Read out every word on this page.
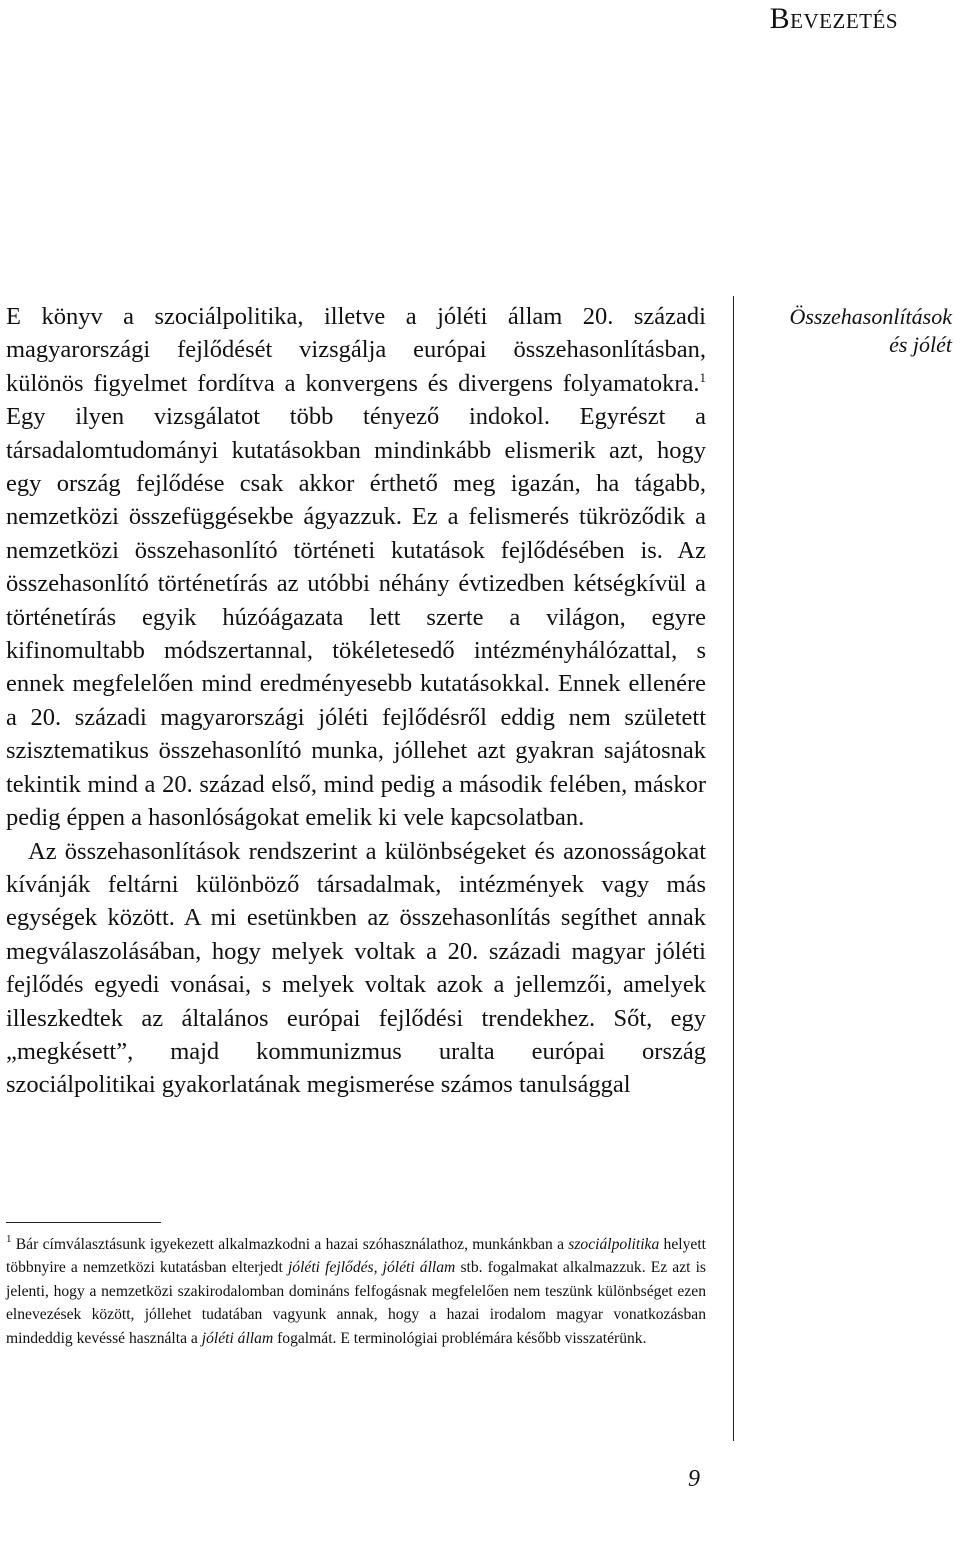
Bevezetés

E könyv a szociálpolitika, illetve a jóléti állam 20. századi magyarországi fejlődését vizsgálja európai összehasonlításban, különös figyelmet fordítva a konvergens és divergens folyamatokra.$^1$ Egy ilyen vizsgálatot több tényező indokol. Egyrészt a társadalomtudományi kutatásokban mindinkább elismerik azt, hogy egy ország fejlődése csak akkor érthető meg igazán, ha tágabb, nemzetközi összefüggésekbe ágyazzuk. Ez a felismerés tükröződik a nemzetközi összehasonlító történeti kutatások fejlődésében is. Az összehasonlító történetírás az utóbbi néhány évtizedben kétségkívül a történetírás egyik húzóágazata lett szerte a világon, egyre kifinomultabb módszertannal, tökéletesedő intézményhálózattal, s ennek megfelelően mind eredményesebb kutatásokkal. Ennek ellenére a 20. századi magyarországi jóléti fejlődésről eddig nem született szisztematikus összehasonlító munka, jóllehet azt gyakran sajátosnak tekintik mind a 20. század első, mind pedig a második felében, máskor pedig éppen a hasonlóságokat emelik ki vele kapcsolatban.

Az összehasonlítások rendszerint a különbségeket és azonosságokat kívánják feltárni különböző társadalmak, intézmények vagy más egységek között. A mi esetünkben az összehasonlítás segíthet annak megválaszolásában, hogy melyek voltak a 20. századi magyar jóléti fejlődés egyedi vonásai, s melyek voltak azok a jellemzői, amelyek illeszkedtek az általános európai fejlődési trendekhez. Sőt, egy „megkésett”, majd kommunizmus uralta európai ország szociálpolitikai gyakorlatának megismerése számos tanulsággal

Összehasonlítások
és jólét
$^1$ Bár címválasztásunk igyekezett alkalmazkodni a hazai szóhasználathoz, munkánkban a szociálpolitika helyett többnyire a nemzetközi kutatásban elterjedt jóléti fejlődés, jóléti állam stb. fogalmakat alkalmazzuk. Ez azt is jelenti, hogy a nemzetközi szakirodalomban domináns felfogásnak megfelelően nem teszünk különbséget ezen elnevezések között, jóllehet tudatában vagyunk annak, hogy a hazai irodalom magyar vonatkozásban mindeddig kevéssé használta a jóléti állam fogalmát. E terminológiai problémára később visszatérünk.
9
